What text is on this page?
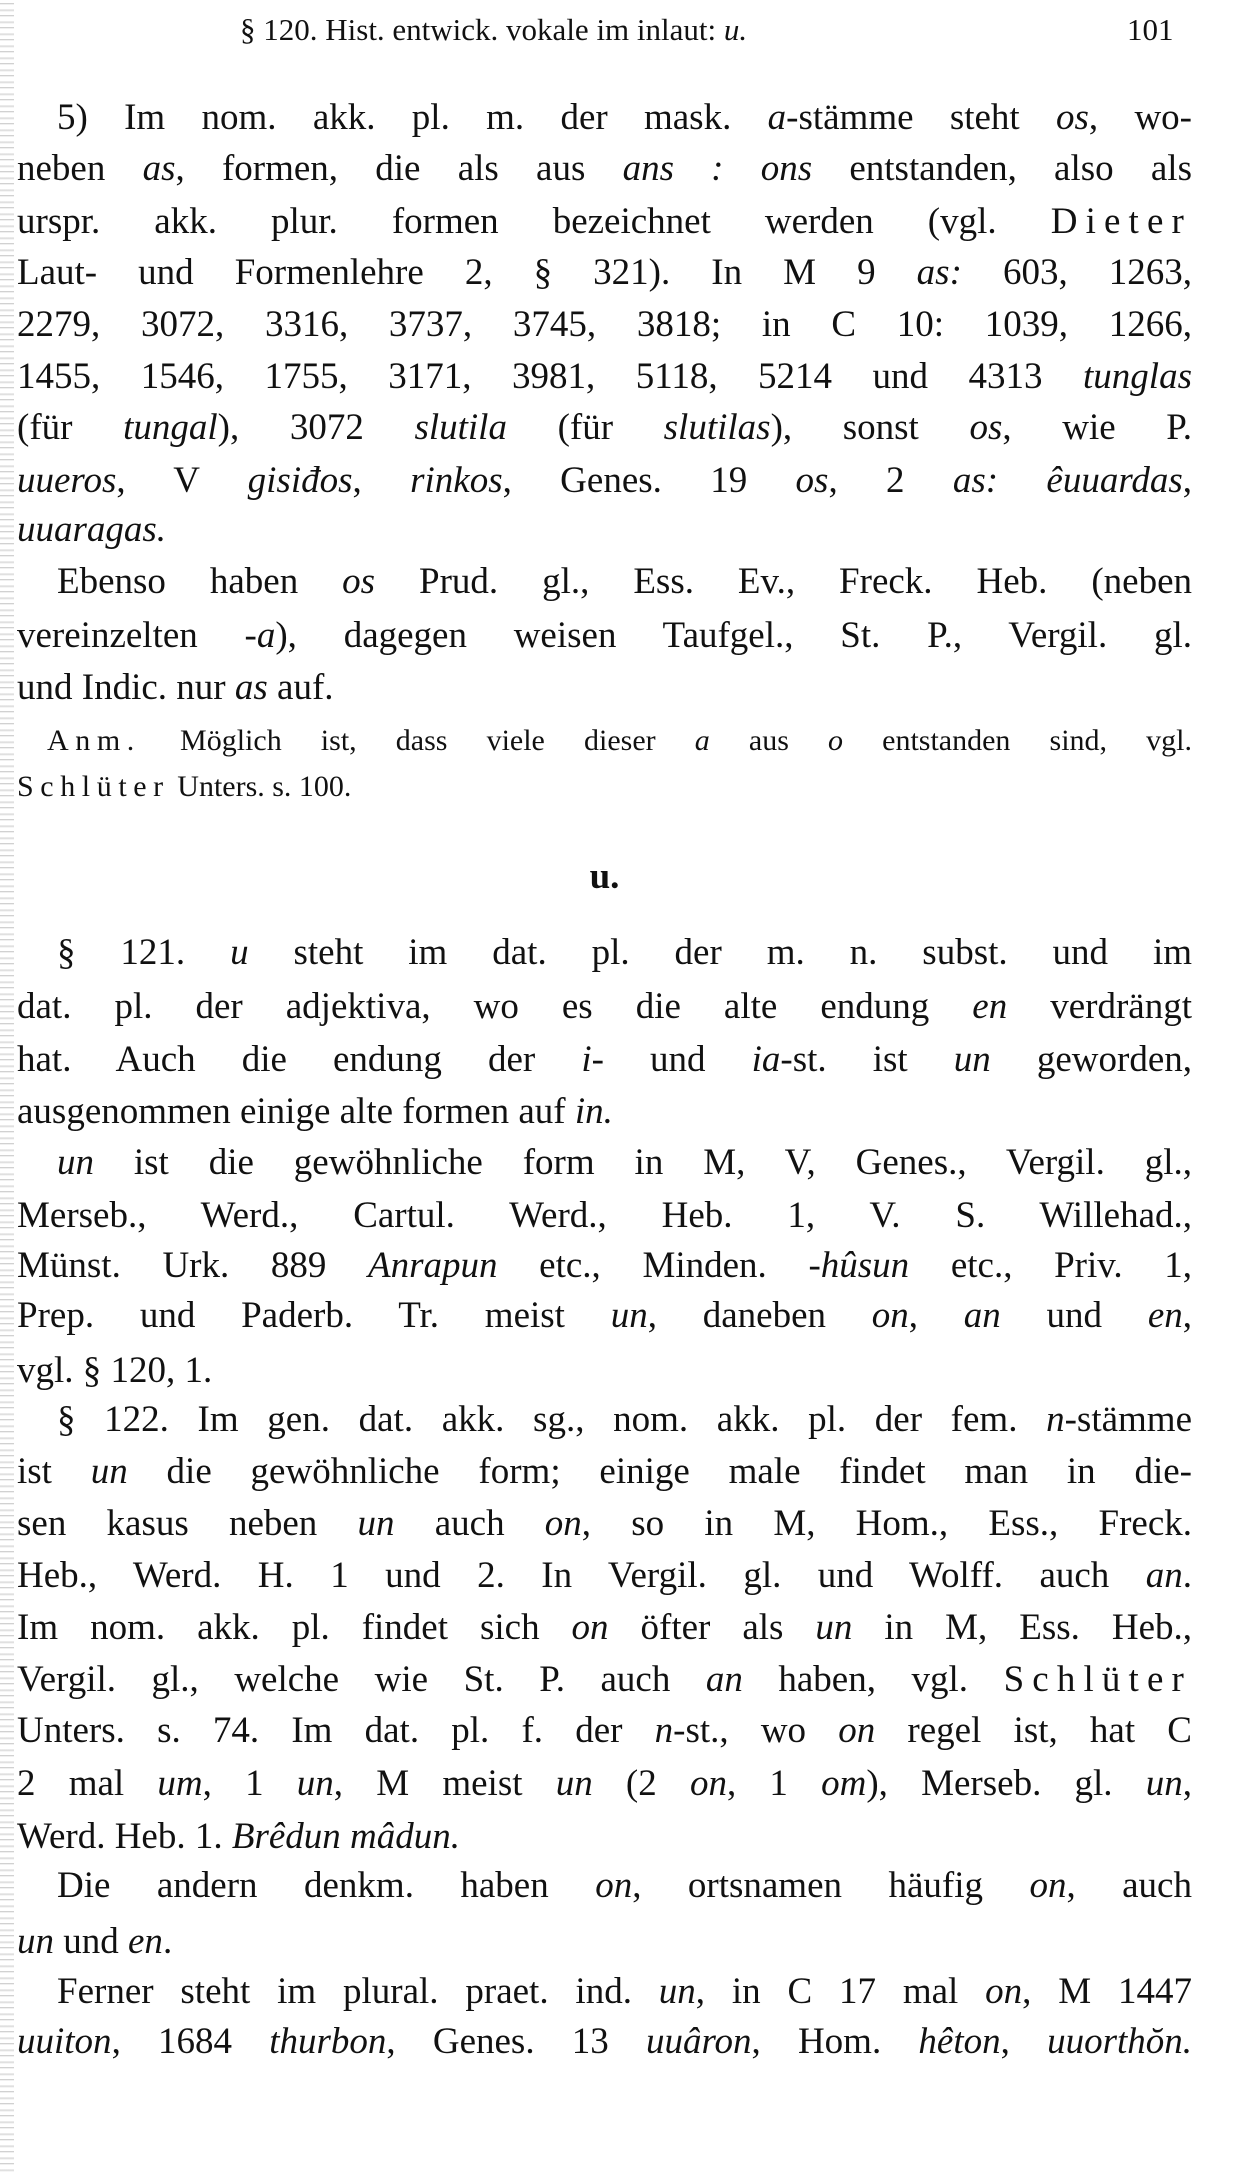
§ 120. Hist. entwick. vokale im inlaut: u.	101
5) Im nom. akk. pl. m. der mask. a-stämme steht os, wo-
neben as, formen, die als aus ans : ons entstanden, also als
urspr. akk. plur. formen bezeichnet werden (vgl. Dieter
Laut- und Formenlehre 2, § 321). In M 9 as: 603, 1263,
2279, 3072, 3316, 3737, 3745, 3818; in C 10: 1039, 1266,
1455, 1546, 1755, 3171, 3981, 5118, 5214 und 4313 tunglas
(für tungal), 3072 slutila (für slutilas), sonst os, wie P.
uueros, V gisiđos, rinkos, Genes. 19 os, 2 as: êuuardas,
uuaragas.
Ebenso haben os Prud. gl., Ess. Ev., Freck. Heb. (neben
vereinzelten -a), dagegen weisen Taufgel., St. P., Vergil. gl.
und Indic. nur as auf.
Anm. Möglich ist, dass viele dieser a aus o entstanden sind, vgl.
Schlüter Unters. s. 100.
u.
§ 121. u steht im dat. pl. der m. n. subst. und im
dat. pl. der adjektiva, wo es die alte endung en verdrängt
hat. Auch die endung der i- und ia-st. ist un geworden,
ausgenommen einige alte formen auf in.
un ist die gewöhnliche form in M, V, Genes., Vergil. gl.,
Merseb., Werd., Cartul. Werd., Heb. 1, V. S. Willehad.,
Münst. Urk. 889 Anrapun etc., Minden. -hûsun etc., Priv. 1,
Prep. und Paderb. Tr. meist un, daneben on, an und en,
vgl. § 120, 1.
§ 122. Im gen. dat. akk. sg., nom. akk. pl. der fem. n-stämme
ist un die gewöhnliche form; einige male findet man in die-
sen kasus neben un auch on, so in M, Hom., Ess., Freck.
Heb., Werd. H. 1 und 2. In Vergil. gl. und Wolff. auch an.
Im nom. akk. pl. findet sich on öfter als un in M, Ess. Heb.,
Vergil. gl., welche wie St. P. auch an haben, vgl. Schlüter
Unters. s. 74. Im dat. pl. f. der n-st., wo on regel ist, hat C
2 mal um, 1 un, M meist un (2 on, 1 om), Merseb. gl. un,
Werd. Heb. 1. Brêdun mâdun.
Die andern denkm. haben on, ortsnamen häufig on, auch
un und en.
Ferner steht im plural. praet. ind. un, in C 17 mal on, M 1447
uuiton, 1684 thurbon, Genes. 13 uuâron, Hom. hêton, uuorthŏn.
